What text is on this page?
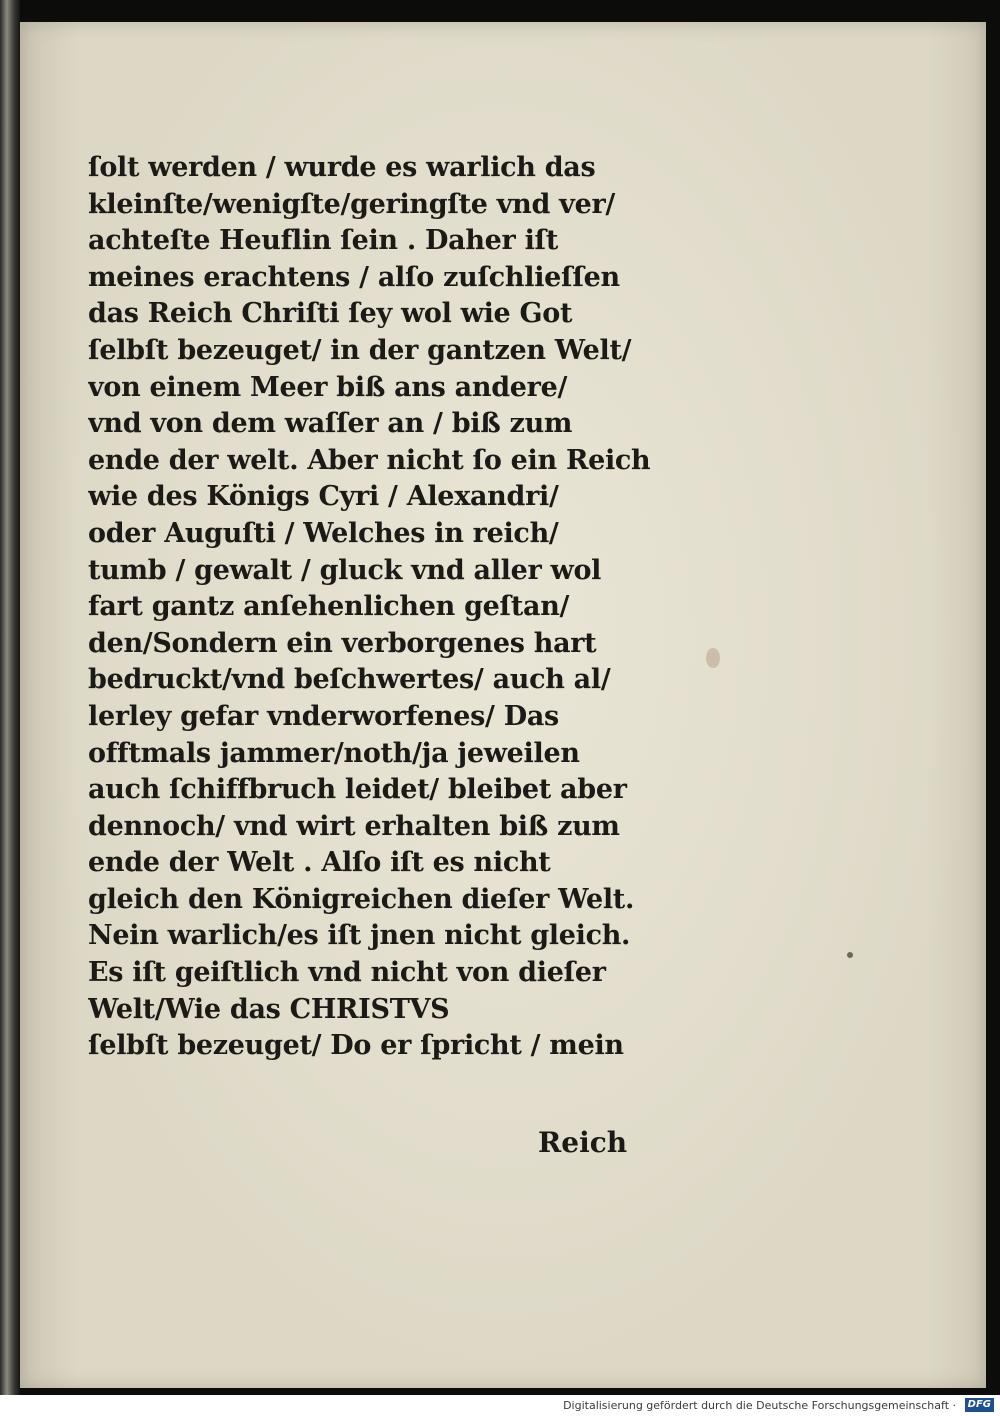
ſolt werden / wurde es warlich das
kleinſte/wenigſte/geringſte vnd ver/
achteſte Heuflin ſein . Daher iſt
meines erachtens / alſo zuſchlieſſen
das Reich Chriſti ſey wol wie Got
ſelbſt bezeuget/ in der gantzen Welt/
von einem Meer biß ans andere/
vnd von dem waſſer an / biß zum
ende der welt. Aber nicht ſo ein Reich
wie des Königs Cyri / Alexandri/
oder Auguſti / Welches in reich/
tumb / gewalt / gluck vnd aller wol
fart gantz anſehenlichen geſtan/
den/Sondern ein verborgenes hart
bedruckt/vnd beſchwertes/ auch al/
lerley gefar vnderworfenes/ Das
offtmals jammer/noth/ja jeweilen
auch ſchiffbruch leidet/ bleibet aber
dennoch/ vnd wirt erhalten biß zum
ende der Welt . Alſo iſt es nicht
gleich den Königreichen dieſer Welt.
Nein warlich/es iſt jnen nicht gleich.
Es iſt geiſtlich vnd nicht von dieſer
Welt/Wie das CHRISTVS
ſelbſt bezeuget/ Do er ſpricht / mein
Reich
Digitalisierung gefördert durch die Deutsche Forschungsgemeinschaft ·	DFG
